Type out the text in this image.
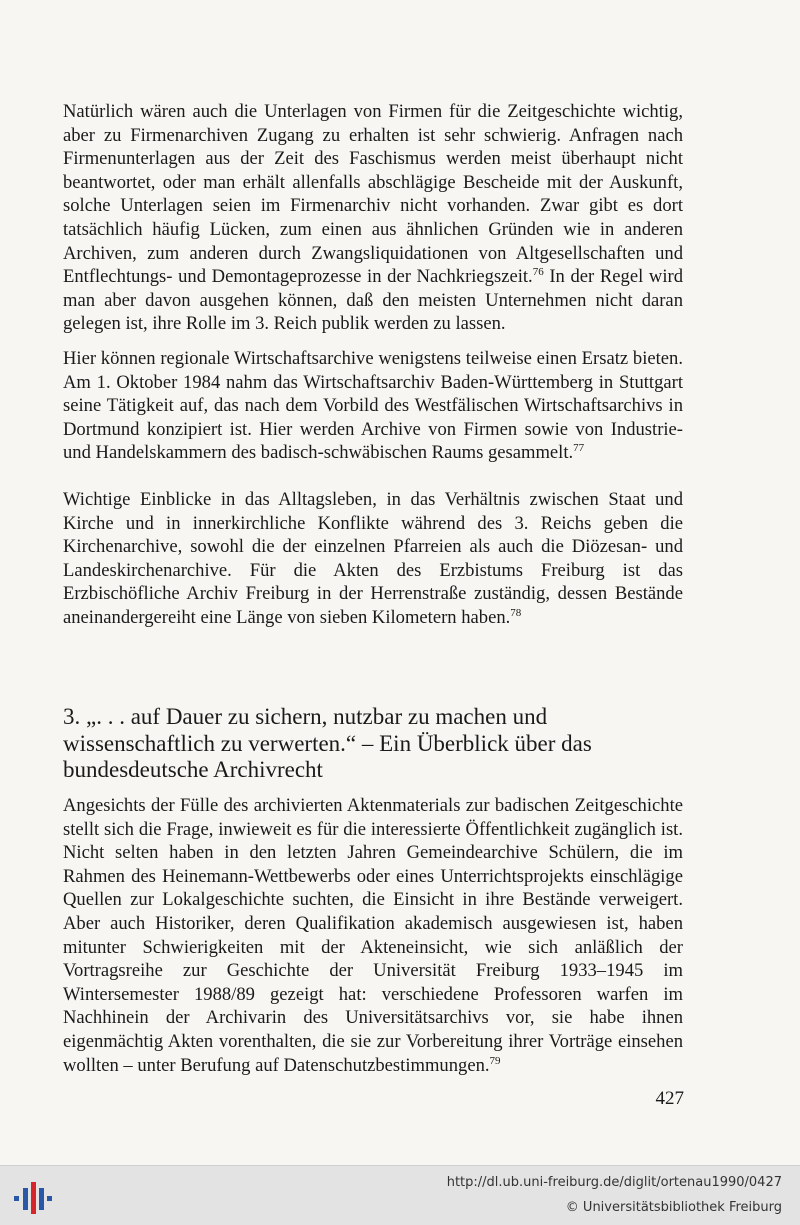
Natürlich wären auch die Unterlagen von Firmen für die Zeitgeschichte wichtig, aber zu Firmenarchiven Zugang zu erhalten ist sehr schwierig. Anfragen nach Firmenunterlagen aus der Zeit des Faschismus werden meist überhaupt nicht beantwortet, oder man erhält allenfalls abschlägige Bescheide mit der Auskunft, solche Unterlagen seien im Firmenarchiv nicht vorhanden. Zwar gibt es dort tatsächlich häufig Lücken, zum einen aus ähnlichen Gründen wie in anderen Archiven, zum anderen durch Zwangsliquidationen von Altgesellschaften und Entflechtungs- und Demontageprozesse in der Nachkriegszeit.$^{76}$ In der Regel wird man aber davon ausgehen können, daß den meisten Unternehmen nicht daran gelegen ist, ihre Rolle im 3. Reich publik werden zu lassen.

Hier können regionale Wirtschaftsarchive wenigstens teilweise einen Ersatz bieten. Am 1. Oktober 1984 nahm das Wirtschaftsarchiv Baden-Württemberg in Stuttgart seine Tätigkeit auf, das nach dem Vorbild des Westfälischen Wirtschaftsarchivs in Dortmund konzipiert ist. Hier werden Archive von Firmen sowie von Industrie- und Handelskammern des badisch-schwäbischen Raums gesammelt.$^{77}$

Wichtige Einblicke in das Alltagsleben, in das Verhältnis zwischen Staat und Kirche und in innerkirchliche Konflikte während des 3. Reichs geben die Kirchenarchive, sowohl die der einzelnen Pfarreien als auch die Diözesan- und Landeskirchenarchive. Für die Akten des Erzbistums Freiburg ist das Erzbischöfliche Archiv Freiburg in der Herrenstraße zuständig, dessen Bestände aneinandergereiht eine Länge von sieben Kilometern haben.$^{78}$

3. „. . . auf Dauer zu sichern, nutzbar zu machen und wissenschaftlich zu verwerten.“ – Ein Überblick über das bundesdeutsche Archivrecht

Angesichts der Fülle des archivierten Aktenmaterials zur badischen Zeitgeschichte stellt sich die Frage, inwieweit es für die interessierte Öffentlichkeit zugänglich ist. Nicht selten haben in den letzten Jahren Gemeindearchive Schülern, die im Rahmen des Heinemann-Wettbewerbs oder eines Unterrichtsprojekts einschlägige Quellen zur Lokalgeschichte suchten, die Einsicht in ihre Bestände verweigert. Aber auch Historiker, deren Qualifikation akademisch ausgewiesen ist, haben mitunter Schwierigkeiten mit der Akteneinsicht, wie sich anläßlich der Vortragsreihe zur Geschichte der Universität Freiburg 1933–1945 im Wintersemester 1988/89 gezeigt hat: verschiedene Professoren warfen im Nachhinein der Archivarin des Universitätsarchivs vor, sie habe ihnen eigenmächtig Akten vorenthalten, die sie zur Vorbereitung ihrer Vorträge einsehen wollten – unter Berufung auf Datenschutzbestimmungen.$^{79}$

427
http://dl.ub.uni-freiburg.de/diglit/ortenau1990/0427
© Universitätsbibliothek Freiburg
